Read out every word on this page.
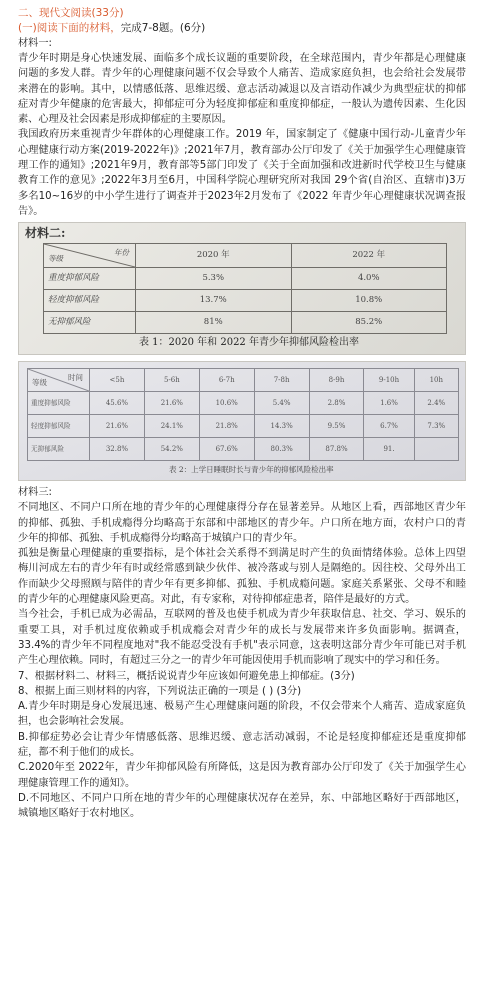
二、现代文阅读(33分)
(一)阅读下面的材料，完成7-8题。(6分)
材料一:

青少年时期是身心快速发展、面临多个成长议题的重要阶段，在全球范围内，青少年都是心理健康问题的多发人群。青少年的心理健康问题不仅会导致个人痛苦、造成家庭负担，也会给社会发展带来潜在的影响。其中，以情感低落、思维迟缓、意志活动减退以及言语动作减少为典型症状的抑郁症对青少年健康的危害最大，抑郁症可分为轻度抑郁症和重度抑郁症，一般认为遗传因素、生化因素、心理及社会因素是形成抑郁症的主要原因。

我国政府历来重视青少年群体的心理健康工作。2019 年，国家制定了《健康中国行动-儿童青少年心理健康行动方案(2019-2022年)》;2021年7月，教育部办公厅印发了《关于加强学生心理健康管理工作的通知》;2021年9月，教育部等5部门印发了《关于全面加强和改进新时代学校卫生与健康教育工作的意见》;2022年3月至6月，中国科学院心理研究所对我国 29个省(自治区、直辖市)3万多名10~16岁的中小学生进行了调查并于2023年2月发布了《2022 年青少年心理健康状况调查报告》。

材料二:
年份
等级	2020 年	2022 年
重度抑郁风险	5.3%	4.0%
轻度抑郁风险	13.7%	10.8%
无抑郁风险	81%	85.2%
表 1：2020 年和 2022 年青少年抑郁风险检出率
时间
等级	<5h	5-6h	6-7h	7-8h	8-9h	9-10h	10h
重度抑郁风险	45.6%	21.6%	10.6%	5.4%	2.8%	1.6%	2.4%
轻度抑郁风险	21.6%	24.1%	21.8%	14.3%	9.5%	6.7%	7.3%
无抑郁风险	32.8%	54.2%	67.6%	80.3%	87.8%	91.	
表 2：上学日睡眠时长与青少年的抑郁风险检出率
材料三:

不同地区、不同户口所在地的青少年的心理健康得分存在显著差异。从地区上看，西部地区青少年的抑郁、孤独、手机成瘾得分均略高于东部和中部地区的青少年。户口所在地方面，农村户口的青少年的抑郁、孤独、手机成瘾得分均略高于城镇户口的青少年。

孤独是衡量心理健康的重要指标，是个体社会关系得不到满足时产生的负面情绪体验。总体上四望梅川河成左右的青少年有时或经常感到缺少伙伴、被冷落或与别人是隔绝的。因往校、父母外出工作而缺少父母照顾与陪伴的青少年有更多抑郁、孤独、手机成瘾问题。家庭关系紧张、父母不和睦的青少年的心理健康风险更高。对此，有专家称，对待抑郁症患者，陪伴是最好的方式。

当今社会，手机已成为必需品，互联网的普及也使手机成为青少年获取信息、社交、学习、娱乐的重要工具，对手机过度依赖或手机成瘾会对青少年的成长与发展带来许多负面影响。据调查，33.4%的青少年不同程度地对"我不能忍受没有手机"表示同意，这表明这部分青少年可能已对手机产生心理依赖。同时，有超过三分之一的青少年可能因使用手机而影响了现实中的学习和任务。

7、根据材料二、材料三，概括说说青少年应该如何避免患上抑郁症。(3分)

8、根据上面三则材料的内容，下列说法正确的一项是 ( ) (3分)

A.青少年时期是身心发展迅速、极易产生心理健康问题的阶段，不仅会带来个人痛苦、造成家庭负担，也会影响社会发展。

B.抑郁症势必会让青少年情感低落、思维迟缓、意志活动减弱，不论是轻度抑郁症还是重度抑郁症，都不利于他们的成长。

C.2020年至 2022年，青少年抑郁风险有所降低，这是因为教育部办公厅印发了《关于加强学生心理健康管理工作的通知》。

D.不同地区、不同户口所在地的青少年的心理健康状况存在差异，东、中部地区略好于西部地区，城镇地区略好于农村地区。
